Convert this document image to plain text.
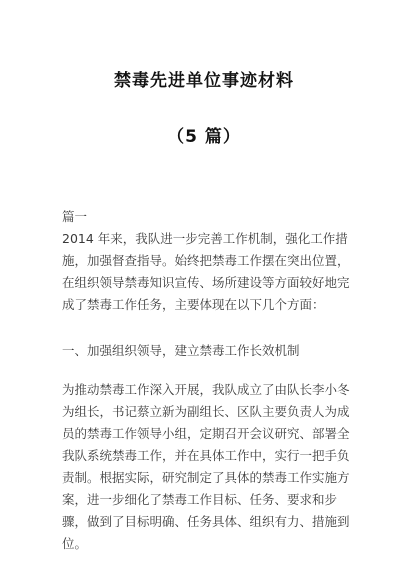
禁毒先进单位事迹材料
（5 篇）
篇一
2014 年来，我队进一步完善工作机制，强化工作措施，加强督查指导。始终把禁毒工作摆在突出位置，在组织领导禁毒知识宣传、场所建设等方面较好地完成了禁毒工作任务，主要体现在以下几个方面：
一、加强组织领导，建立禁毒工作长效机制
为推动禁毒工作深入开展，我队成立了由队长李小冬为组长，书记蔡立新为副组长、区队主要负责人为成员的禁毒工作领导小组，定期召开会议研究、部署全我队系统禁毒工作，并在具体工作中，实行一把手负责制。根据实际，研究制定了具体的禁毒工作实施方案，进一步细化了禁毒工作目标、任务、要求和步骤，做到了目标明确、任务具体、组织有力、措施到位。
